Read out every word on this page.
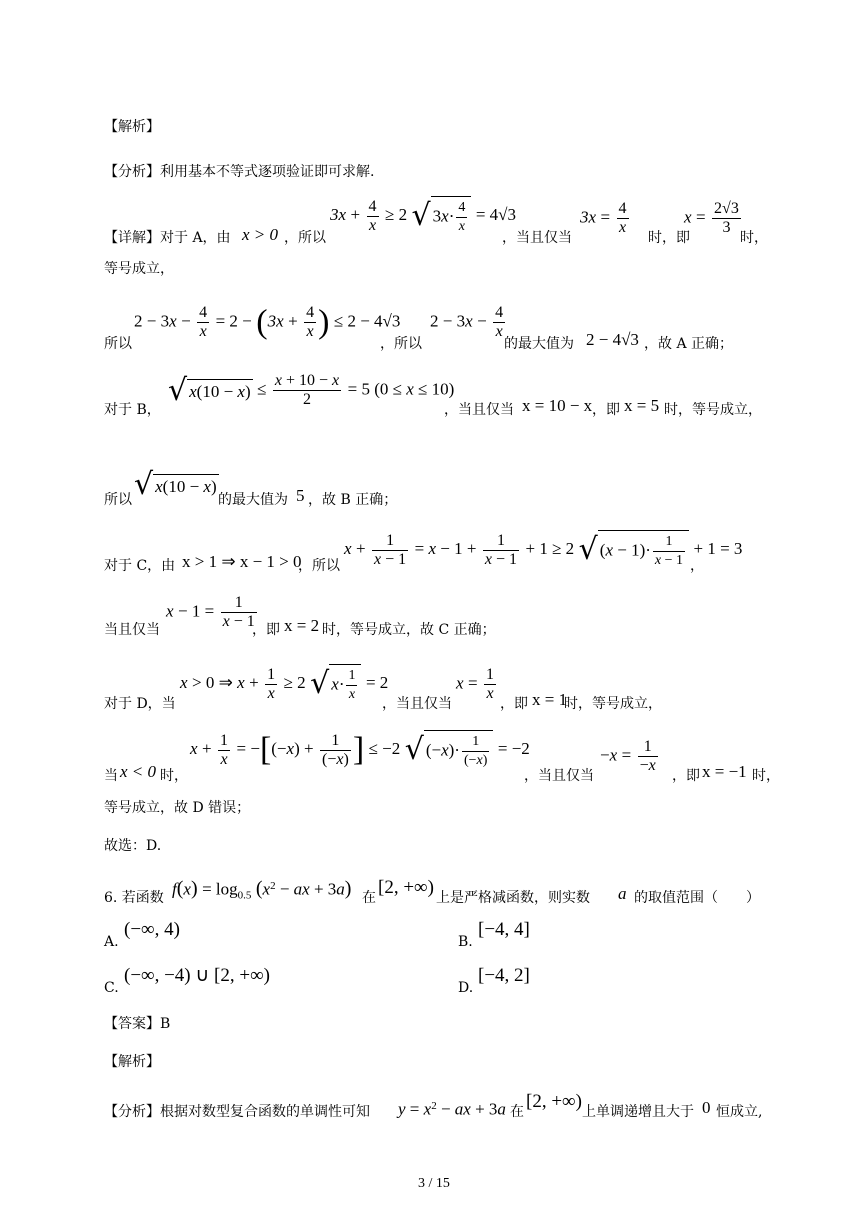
【解析】
【分析】利用基本不等式逐项验证即可求解.
【详解】对于 A，由 x > 0 ，所以
$3x + \frac{4}{x} \ge 2$ √ $3x\cdot \frac{4}{x} = 4√3$
，当且仅当
$3x = \frac{4}{x}$
时，即
$x = \frac{2√3}{3}$
时，
等号成立，
所以
$2 - 3x - \frac{4}{x} = 2 - (3x + \frac{4}{x}$ ) ≤ 2 − 4√3
，所以
$2 - 3x - \frac{4}{x}$
的最大值为 2 − 4√3 ，故 A 正确；
对于 B，
√ $x(10 - x) \le \frac{x + 10 - x}{2} = 5$ (0 ≤ x ≤ 10)
，当且仅当 x = 10 − x ，即 x = 5 时，等号成立，
所以 √ x(10 − x)
的最大值为 5 ，故 B 正确；
对于 C，由 x > 1 ⇒ x − 1 > 0
，所以
$x + \frac{1}{x - 1} = x - 1 + \frac{1}{x - 1} + 1 \ge 2$ √ $(x - 1)\cdot \frac{1}{x - 1} + 1 = 3$
，
当且仅当
$x - 1 = \frac{1}{x - 1}$
，即 x = 2 时，等号成立，故 C 正确；
对于 D，当
x > 0 ⇒ $x + \frac{1}{x} \ge 2$ √ $x\cdot \frac{1}{x} = 2$
，当且仅当
$x = \frac{1}{x}$
，即 x = 1
时，等号成立，
当 x < 0 时，
$x + \frac{1}{x} = -[(-x) + \frac{1}{(-x)}$ ] ≤ −2 √ $(-x)\cdot \frac{1}{(-x)} = -2$
，当且仅当
$-x = \frac{1}{-x}$
，即 x = −1 时，
等号成立，故 D 错误；
故选：D.
6. 若函数 $f(x) = \log_{0.5} (x^2$ − ax + 3a) 在 [2, +∞) 上是严格减函数，则实数 a 的取值范围（　　）
A.
(−∞, 4)
B.
[−4, 4]
C.
(−∞, −4) ∪ [2, +∞)
D.
[−4, 2]
【答案】B
【解析】
【分析】根据对数型复合函数的单调性可知 $y = x^2$ − ax + 3a 在 [2, +∞) 上单调递增且大于 0 恒成立,
3 / 15
